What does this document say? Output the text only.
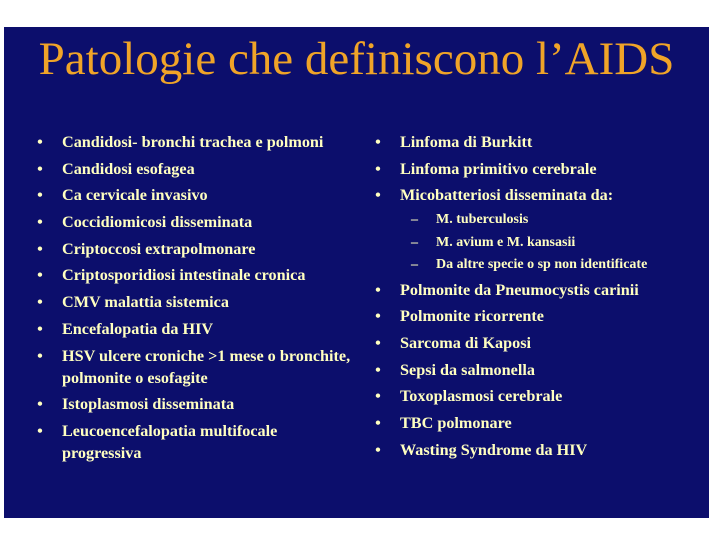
Patologie che definiscono l’AIDS
• Candidosi- bronchi trachea e polmoni
• Candidosi esofagea
• Ca cervicale invasivo
• Coccidiomicosi disseminata
• Criptoccosi extrapolmonare
• Criptosporidiosi intestinale cronica
• CMV malattia sistemica
• Encefalopatia da HIV
• HSV ulcere croniche >1 mese o bronchite, polmonite o esofagite
• Istoplasmosi disseminata
• Leucoencefalopatia multifocale progressiva
• Linfoma di Burkitt
• Linfoma primitivo cerebrale
• Micobatteriosi disseminata da:
– M. tuberculosis
– M. avium e M. kansasii
– Da altre specie o sp non identificate
• Polmonite da Pneumocystis carinii
• Polmonite ricorrente
• Sarcoma di Kaposi
• Sepsi da salmonella
• Toxoplasmosi cerebrale
• TBC polmonare
• Wasting Syndrome da HIV
